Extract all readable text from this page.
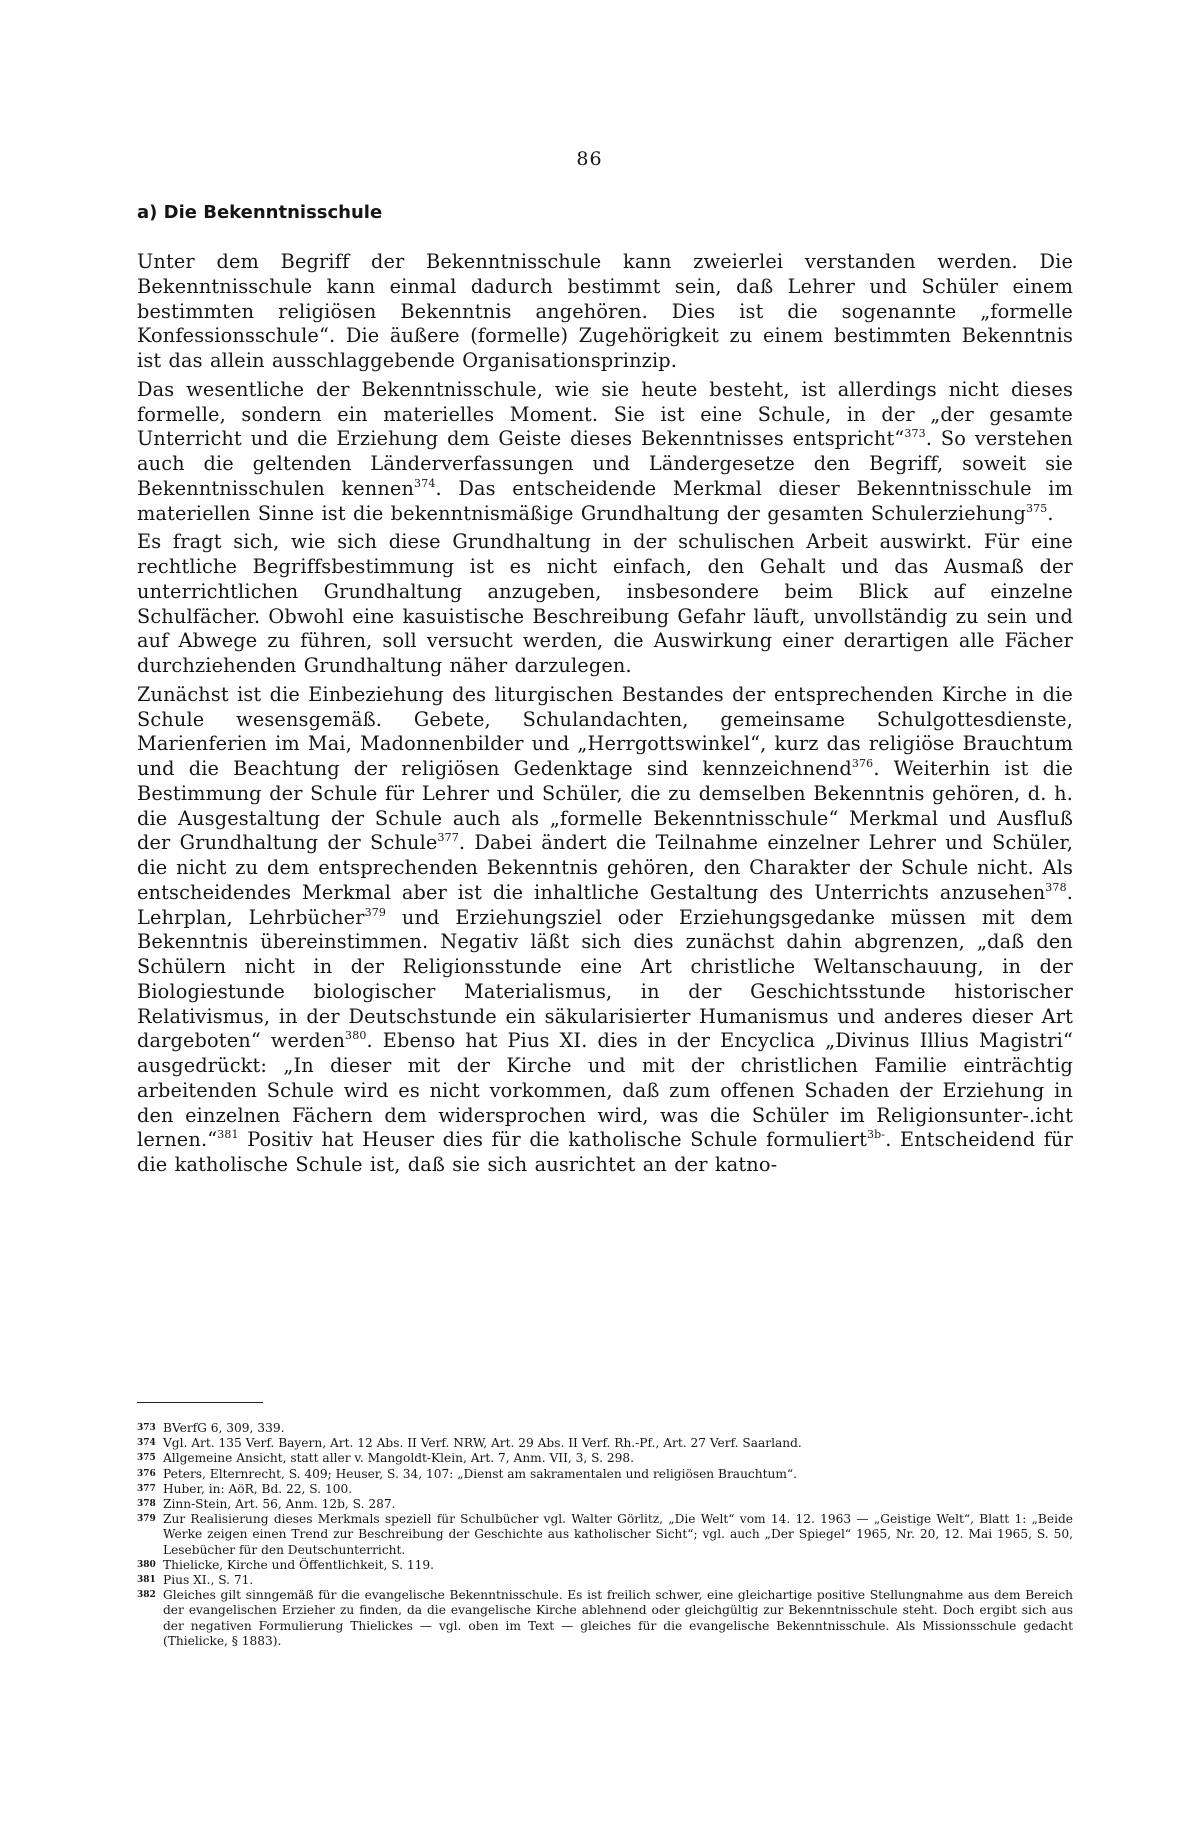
86
a) Die Bekenntnisschule

Unter dem Begriff der Bekenntnisschule kann zweierlei verstanden werden. Die Bekenntnisschule kann einmal dadurch bestimmt sein, daß Lehrer und Schüler einem bestimmten religiösen Bekenntnis angehören. Dies ist die sogenannte „formelle Konfessionsschule“. Die äußere (formelle) Zugehörigkeit zu einem bestimmten Bekenntnis ist das allein ausschlaggebende Organisationsprinzip.

Das wesentliche der Bekenntnisschule, wie sie heute besteht, ist allerdings nicht dieses formelle, sondern ein materielles Moment. Sie ist eine Schule, in der „der gesamte Unterricht und die Erziehung dem Geiste dieses Bekenntnisses entspricht“$^{373}$. So verstehen auch die geltenden Länderverfassungen und Ländergesetze den Begriff, soweit sie Bekenntnisschulen kennen$^{374}$. Das entscheidende Merkmal dieser Bekenntnisschule im materiellen Sinne ist die bekenntnismäßige Grundhaltung der gesamten Schulerziehung$^{375}$.

Es fragt sich, wie sich diese Grundhaltung in der schulischen Arbeit auswirkt. Für eine rechtliche Begriffsbestimmung ist es nicht einfach, den Gehalt und das Ausmaß der unterrichtlichen Grundhaltung anzugeben, insbesondere beim Blick auf einzelne Schulfächer. Obwohl eine kasuistische Beschreibung Gefahr läuft, unvollständig zu sein und auf Abwege zu führen, soll versucht werden, die Auswirkung einer derartigen alle Fächer durchziehenden Grundhaltung näher darzulegen.

Zunächst ist die Einbeziehung des liturgischen Bestandes der entsprechenden Kirche in die Schule wesensgemäß. Gebete, Schulandachten, gemeinsame Schulgottesdienste, Marienferien im Mai, Madonnenbilder und „Herrgottswinkel“, kurz das religiöse Brauchtum und die Beachtung der religiösen Gedenktage sind kennzeichnend$^{376}$. Weiterhin ist die Bestimmung der Schule für Lehrer und Schüler, die zu demselben Bekenntnis gehören, d. h. die Ausgestaltung der Schule auch als „formelle Bekenntnisschule“ Merkmal und Ausfluß der Grundhaltung der Schule$^{377}$. Dabei ändert die Teilnahme einzelner Lehrer und Schüler, die nicht zu dem entsprechenden Bekenntnis gehören, den Charakter der Schule nicht. Als entscheidendes Merkmal aber ist die inhaltliche Gestaltung des Unterrichts anzusehen$^{378}$. Lehrplan, Lehrbücher$^{379}$ und Erziehungsziel oder Erziehungsgedanke müssen mit dem Bekenntnis übereinstimmen. Negativ läßt sich dies zunächst dahin abgrenzen, „daß den Schülern nicht in der Religionsstunde eine Art christliche Weltanschauung, in der Biologiestunde biologischer Materialismus, in der Geschichtsstunde historischer Relativismus, in der Deutschstunde ein säkularisierter Humanismus und anderes dieser Art dargeboten“ werden$^{380}$. Ebenso hat Pius XI. dies in der Encyclica „Divinus Illius Magistri“ ausgedrückt: „In dieser mit der Kirche und mit der christlichen Familie einträchtig arbeitenden Schule wird es nicht vorkommen, daß zum offenen Schaden der Erziehung in den einzelnen Fächern dem widersprochen wird, was die Schüler im Religionsunter-.icht lernen.“$^{381}$ Positiv hat Heuser dies für die katholische Schule formuliert$^{3b-}$. Entscheidend für die katholische Schule ist, daß sie sich ausrichtet an der katno-

373 BVerfG 6, 309, 339.
374 Vgl. Art. 135 Verf. Bayern, Art. 12 Abs. II Verf. NRW, Art. 29 Abs. II Verf. Rh.-Pf., Art. 27 Verf. Saarland.
375 Allgemeine Ansicht, statt aller v. Mangoldt-Klein, Art. 7, Anm. VII, 3, S. 298.
376 Peters, Elternrecht, S. 409; Heuser, S. 34, 107: „Dienst am sakramentalen und religiösen Brauchtum“.
377 Huber, in: AöR, Bd. 22, S. 100.
378 Zinn-Stein, Art. 56, Anm. 12b, S. 287.
379 Zur Realisierung dieses Merkmals speziell für Schulbücher vgl. Walter Görlitz, „Die Welt“ vom 14. 12. 1963 — „Geistige Welt“, Blatt 1: „Beide Werke zeigen einen Trend zur Beschreibung der Geschichte aus katholischer Sicht“; vgl. auch „Der Spiegel“ 1965, Nr. 20, 12. Mai 1965, S. 50, Lesebücher für den Deutschunterricht.
380 Thielicke, Kirche und Öffentlichkeit, S. 119.
381 Pius XI., S. 71.
382 Gleiches gilt sinngemäß für die evangelische Bekenntnisschule. Es ist freilich schwer, eine gleichartige positive Stellungnahme aus dem Bereich der evangelischen Erzieher zu finden, da die evangelische Kirche ablehnend oder gleichgültig zur Bekenntnisschule steht. Doch ergibt sich aus der negativen Formulierung Thielickes — vgl. oben im Text — gleiches für die evangelische Bekenntnisschule. Als Missionsschule gedacht (Thielicke, § 1883).
